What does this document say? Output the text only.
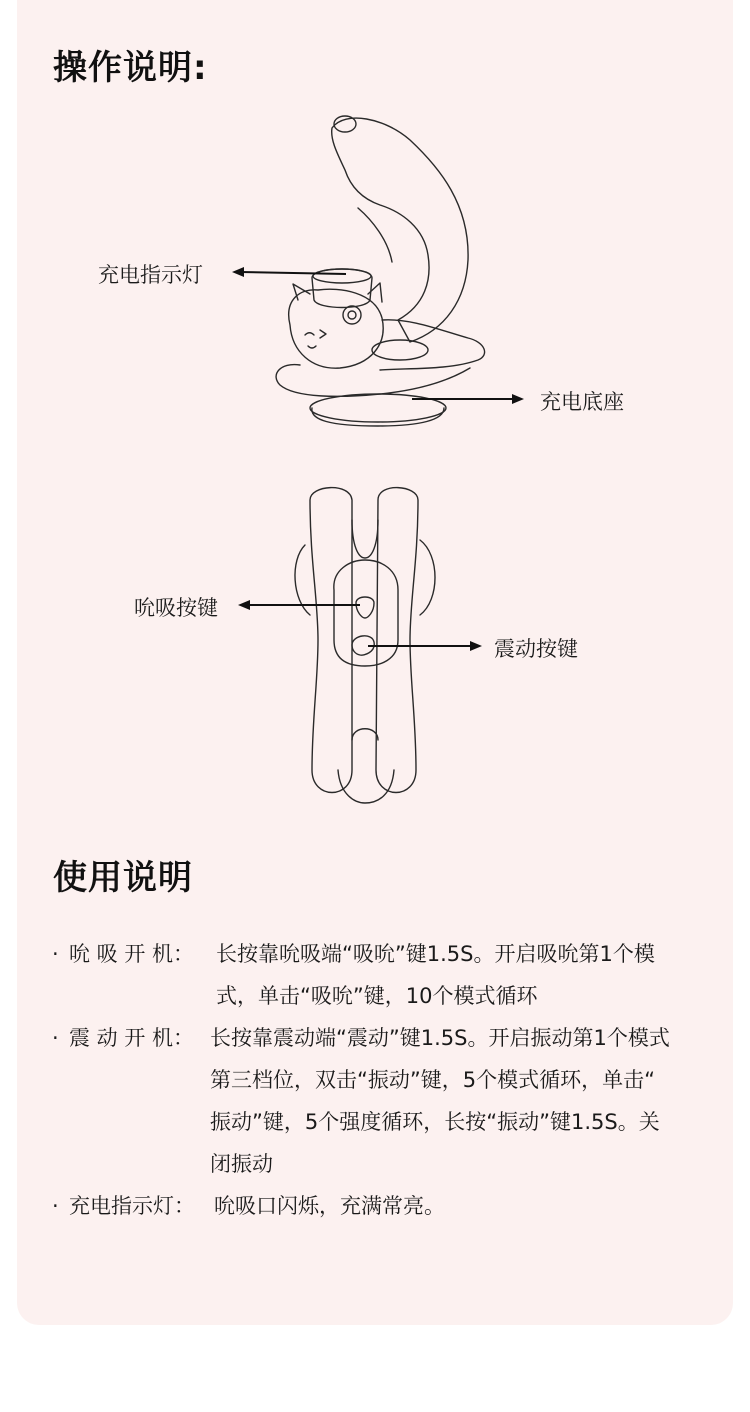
操作说明:
充电指示灯
充电底座
吮吸按键
震动按键
使用说明
· 吮 吸 开 机： 长按靠吮吸端“吸吮”键1.5S。开启吸吮第1个模
式，单击“吸吮”键，10个模式循环
· 震 动 开 机： 长按靠震动端“震动”键1.5S。开启振动第1个模式
第三档位，双击“振动”键，5个模式循环，单击“
振动”键，5个强度循环，长按“振动”键1.5S。关
闭振动
· 充电指示灯： 吮吸口闪烁，充满常亮。
